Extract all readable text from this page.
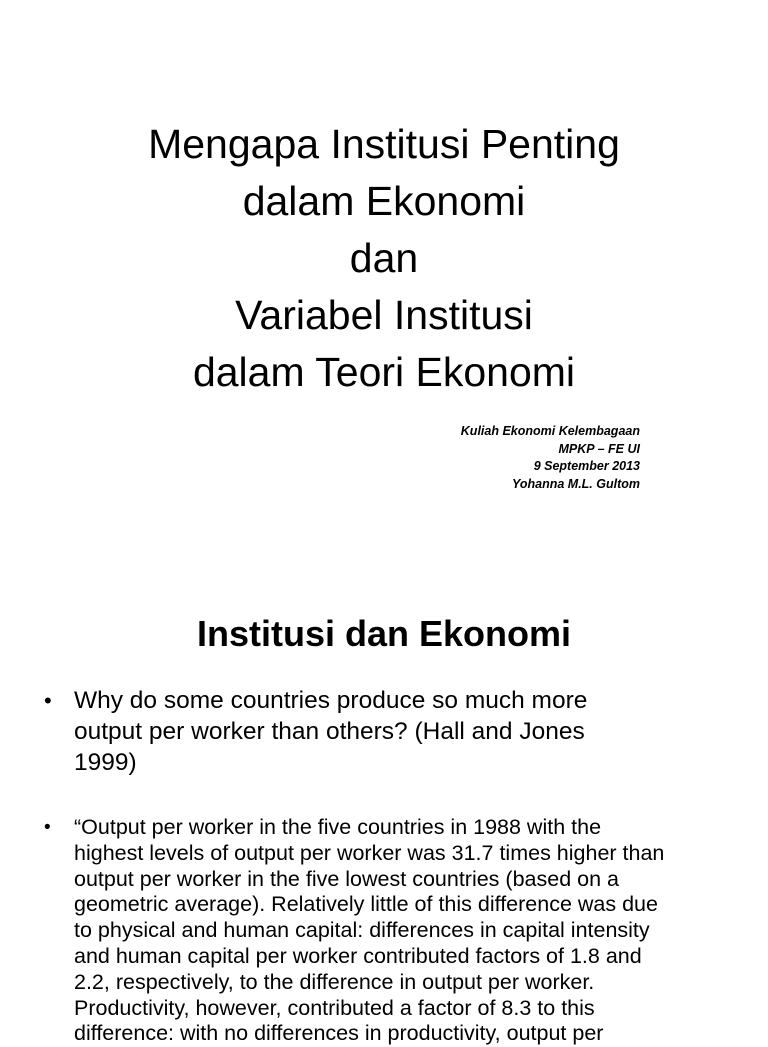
Mengapa Institusi Penting
dalam Ekonomi
dan
Variabel Institusi
dalam Teori Ekonomi
Kuliah Ekonomi Kelembagaan
MPKP – FE UI
9 September 2013
Yohanna M.L. Gultom
Institusi dan Ekonomi
• Why do some countries produce so much more
output per worker than others? (Hall and Jones
1999)
•	“Output per worker in the five countries in 1988 with the
highest levels of output per worker was 31.7 times higher than
output per worker in the five lowest countries (based on a
geometric average). Relatively little of this difference was due
to physical and human capital: differences in capital intensity
and human capital per worker contributed factors of 1.8 and
2.2, respectively, to the difference in output per worker.
Productivity, however, contributed a factor of 8.3 to this
difference: with no differences in productivity, output per
